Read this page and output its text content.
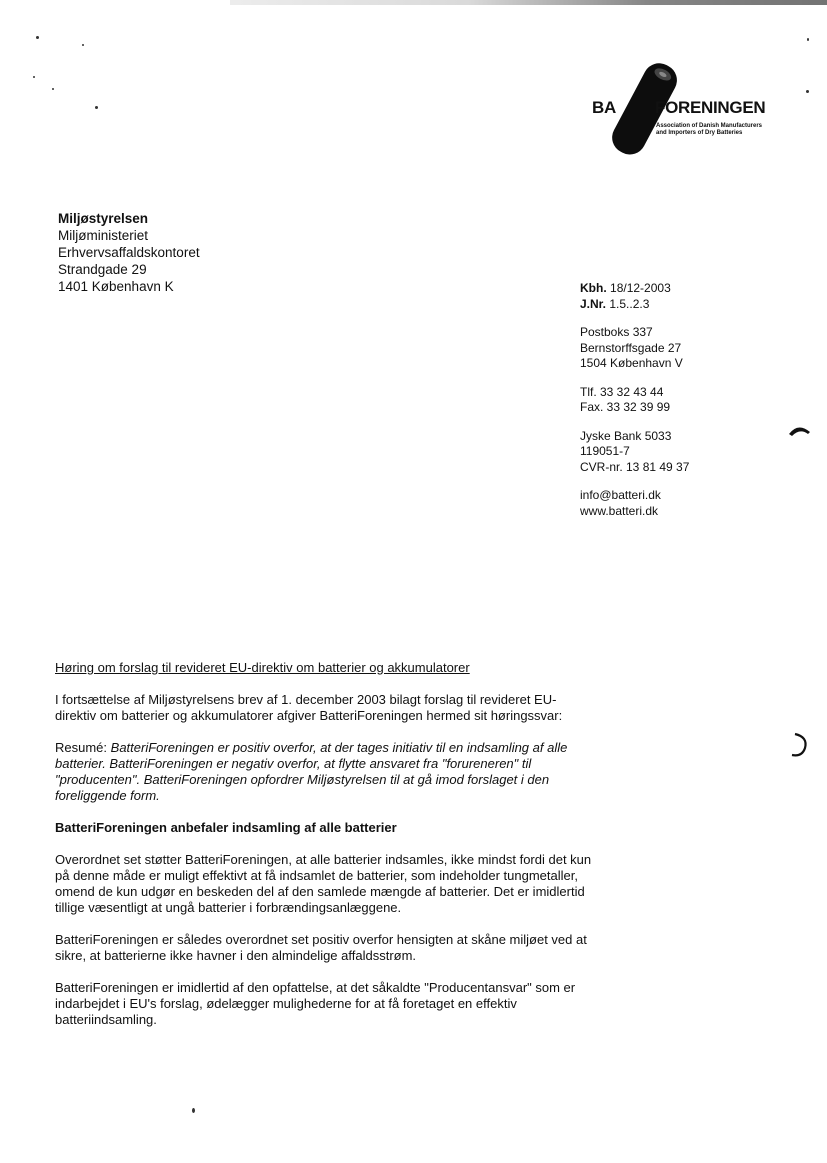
BA FORENINGEN
Association of Danish Manufacturers
and Importers of Dry Batteries
Miljøstyrelsen
Miljøministeriet
Erhvervsaffaldskontoret
Strandgade 29
1401 København K	Kbh. 18/12-2003
J.Nr. 1.5..2.3
Postboks 337
Bernstorffsgade 27
1504 København V
Tlf. 33 32 43 44
Fax. 33 32 39 99
Jyske Bank 5033
119051-7
CVR-nr. 13 81 49 37
info@batteri.dk
www.batteri.dk
Høring om forslag til revideret EU-direktiv om batterier og akkumulatorer
I fortsættelse af Miljøstyrelsens brev af 1. december 2003 bilagt forslag til revideret EU-direktiv om batterier og akkumulatorer afgiver BatteriForeningen hermed sit høringssvar:
Resumé: BatteriForeningen er positiv overfor, at der tages initiativ til en indsamling af alle batterier. BatteriForeningen er negativ overfor, at flytte ansvaret fra "forureneren" til "producenten". BatteriForeningen opfordrer Miljøstyrelsen til at gå imod forslaget i den foreliggende form.
BatteriForeningen anbefaler indsamling af alle batterier
Overordnet set støtter BatteriForeningen, at alle batterier indsamles, ikke mindst fordi det kun på denne måde er muligt effektivt at få indsamlet de batterier, som indeholder tungmetaller, omend de kun udgør en beskeden del af den samlede mængde af batterier. Det er imidlertid tillige væsentligt at ungå batterier i forbrændingsanlæggene.
BatteriForeningen er således overordnet set positiv overfor hensigten at skåne miljøet ved at sikre, at batterierne ikke havner i den almindelige affaldsstrøm.
BatteriForeningen er imidlertid af den opfattelse, at det såkaldte "Producentansvar" som er indarbejdet i EU's forslag, ødelægger mulighederne for at få foretaget en effektiv batteriindsamling.
